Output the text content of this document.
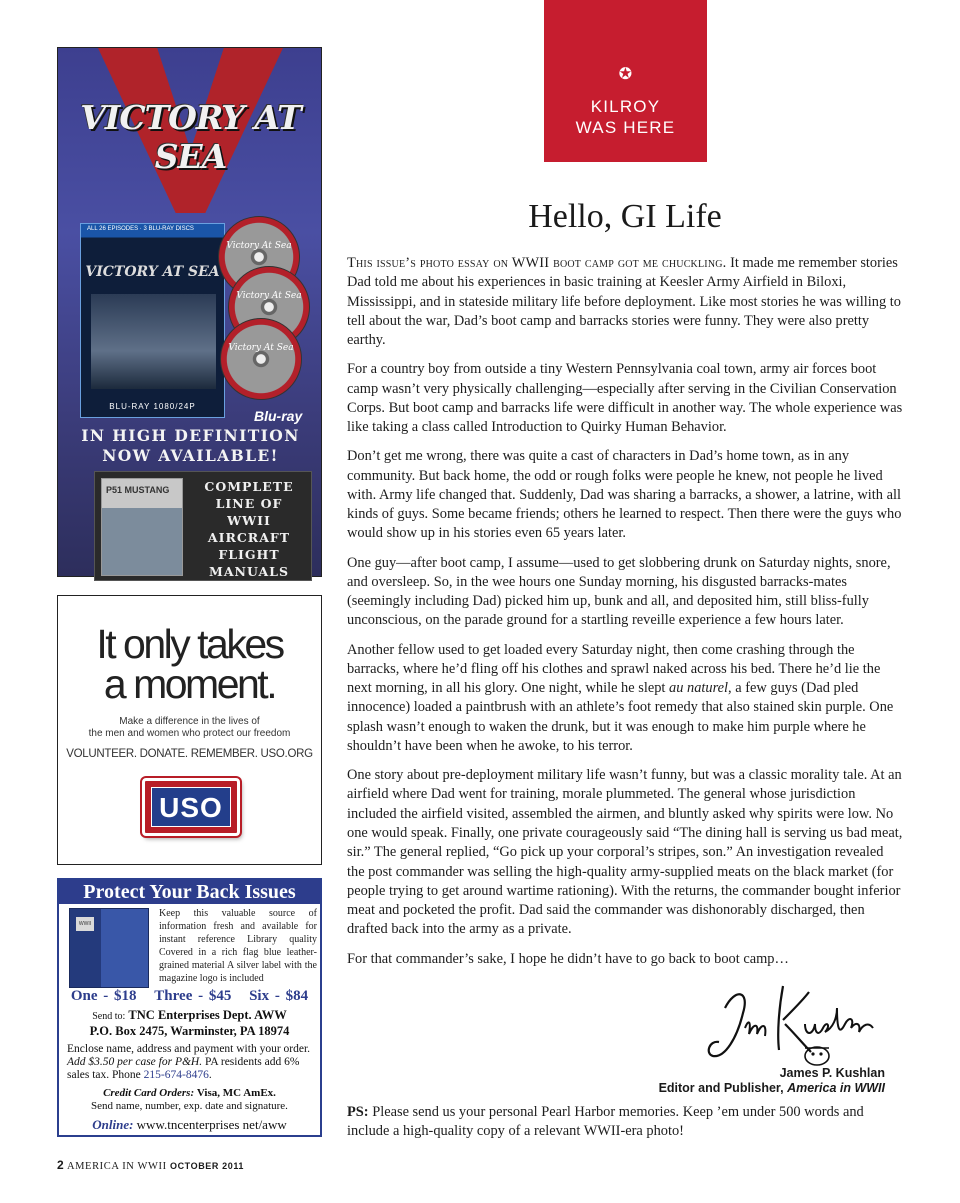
VICTORY AT SEA
ALL 26 EPISODES · 3 BLU-RAY DISCS
VICTORY AT SEA
BLU-RAY 1080/24P
Victory At Sea
Victory At Sea
Victory At Sea
Blu-ray
IN HIGH DEFINITION
NOW AVAILABLE!
P51 MUSTANG	COMPLETE
LINE OF
WWII
AIRCRAFT
FLIGHT
MANUALS
It only takes
a moment.
Make a difference in the lives of
the men and women who protect our freedom
VOLUNTEER. DONATE. REMEMBER. USO.ORG
USO
Protect Your Back Issues
WWII
Keep this valuable source of information fresh and available for instant reference Library quality Covered in a rich flag blue leather-grained material A silver label with the magazine logo is included
One - $18 Three - $45 Six - $84
Send to: TNC Enterprises Dept. AWW
P.O. Box 2475, Warminster, PA 18974
Enclose name, address and payment with your order. Add $3.50 per case for P&H. PA residents add 6% sales tax. Phone 215-674-8476.
Credit Card Orders: Visa, MC AmEx.
Send name, number, exp. date and signature.
Online: www.tncenterprises net/aww
✪
KILROY
WAS HERE
Hello, GI Life

This issue’s photo essay on WWII boot camp got me chuckling. It made me remember stories Dad told me about his experiences in basic training at Keesler Army Airfield in Biloxi, Mississippi, and in stateside military life before deployment. Like most stories he was willing to tell about the war, Dad’s boot camp and barracks stories were funny. They were also pretty earthy.

For a country boy from outside a tiny Western Pennsylvania coal town, army air forces boot camp wasn’t very physically challenging—especially after serving in the Civilian Conservation Corps. But boot camp and barracks life were difficult in another way. The whole experience was like taking a class called Introduction to Quirky Human Behavior.

Don’t get me wrong, there was quite a cast of characters in Dad’s home town, as in any community. But back home, the odd or rough folks were people he knew, not people he lived with. Army life changed that. Suddenly, Dad was sharing a barracks, a shower, a latrine, with all kinds of guys. Some became friends; others he learned to respect. Then there were the guys who would show up in his stories even 65 years later.

One guy—after boot camp, I assume—used to get slobbering drunk on Saturday nights, snore, and oversleep. So, in the wee hours one Sunday morning, his disgusted barracks-mates (seemingly including Dad) picked him up, bunk and all, and deposited him, still bliss-fully unconscious, on the parade ground for a startling reveille experience a few hours later.

Another fellow used to get loaded every Saturday night, then come crashing through the barracks, where he’d fling off his clothes and sprawl naked across his bed. There he’d lie the next morning, in all his glory. One night, while he slept au naturel, a few guys (Dad pled innocence) loaded a paintbrush with an athlete’s foot remedy that also stained skin purple. One splash wasn’t enough to waken the drunk, but it was enough to make him purple where he shouldn’t have been when he awoke, to his terror.

One story about pre-deployment military life wasn’t funny, but was a classic morality tale. At an airfield where Dad went for training, morale plummeted. The general whose jurisdiction included the airfield visited, assembled the airmen, and bluntly asked why spirits were low. No one would speak. Finally, one private courageously said “The dining hall is serving us bad meat, sir.” The general replied, “Go pick up your corporal’s stripes, son.” An investigation revealed the post commander was selling the high-quality army-supplied meats on the black market (for people trying to get around wartime rationing). With the returns, the commander bought inferior meat and pocketed the profit. Dad said the commander was dishonorably discharged, then drafted back into the army as a private.

For that commander’s sake, I hope he didn’t have to go back to boot camp…

James P. Kushlan
Editor and Publisher, America in WWII
PS: Please send us your personal Pearl Harbor memories. Keep ’em under 500 words and include a high-quality copy of a relevant WWII-era photo!
2 AMERICA IN WWII OCTOBER 2011
